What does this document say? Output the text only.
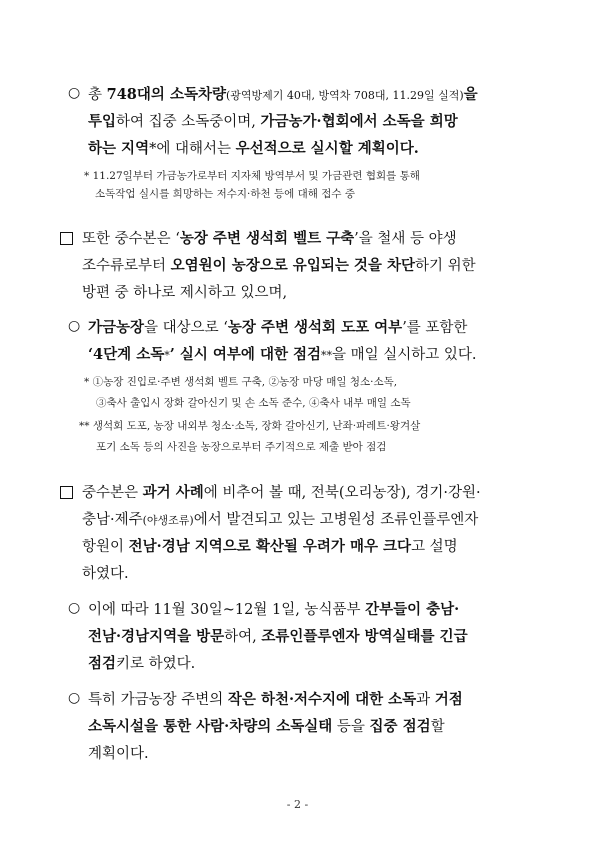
○ 총 748대의 소독차량(광역방제기 40대, 방역차 708대, 11.29일 실적)을
투입하여 집중 소독중이며, 가금농가·협회에서 소독을 희망
하는 지역*에 대해서는 우선적으로 실시할 계획이다.
* 11.27일부터 가금농가로부터 지자체 방역부서 및 가금관련 협회를 통해
소독작업 실시를 희망하는 저수지·하천 등에 대해 접수 중
또한 중수본은 ‘농장 주변 생석회 벨트 구축’을 철새 등 야생
조수류로부터 오염원이 농장으로 유입되는 것을 차단하기 위한
방편 중 하나로 제시하고 있으며,
○ 가금농장을 대상으로 ‘농장 주변 생석회 도포 여부’를 포함한
‘4단계 소독*’ 실시 여부에 대한 점검**을 매일 실시하고 있다.
* ①농장 진입로·주변 생석회 벨트 구축, ②농장 마당 매일 청소·소독,
③축사 출입시 장화 갈아신기 및 손 소독 준수, ④축사 내부 매일 소독
** 생석회 도포, 농장 내외부 청소·소독, 장화 갈아신기, 난좌·파레트·왕겨살
포기 소독 등의 사진을 농장으로부터 주기적으로 제출 받아 점검
중수본은 과거 사례에 비추어 볼 때, 전북(오리농장), 경기·강원·
충남·제주(야생조류)에서 발견되고 있는 고병원성 조류인플루엔자
항원이 전남·경남 지역으로 확산될 우려가 매우 크다고 설명
하였다.
○ 이에 따라 11월 30일~12월 1일, 농식품부 간부들이 충남·
전남·경남지역을 방문하여, 조류인플루엔자 방역실태를 긴급
점검키로 하였다.
○ 특히 가금농장 주변의 작은 하천·저수지에 대한 소독과 거점
소독시설을 통한 사람·차량의 소독실태 등을 집중 점검할
계획이다.
- 2 -
